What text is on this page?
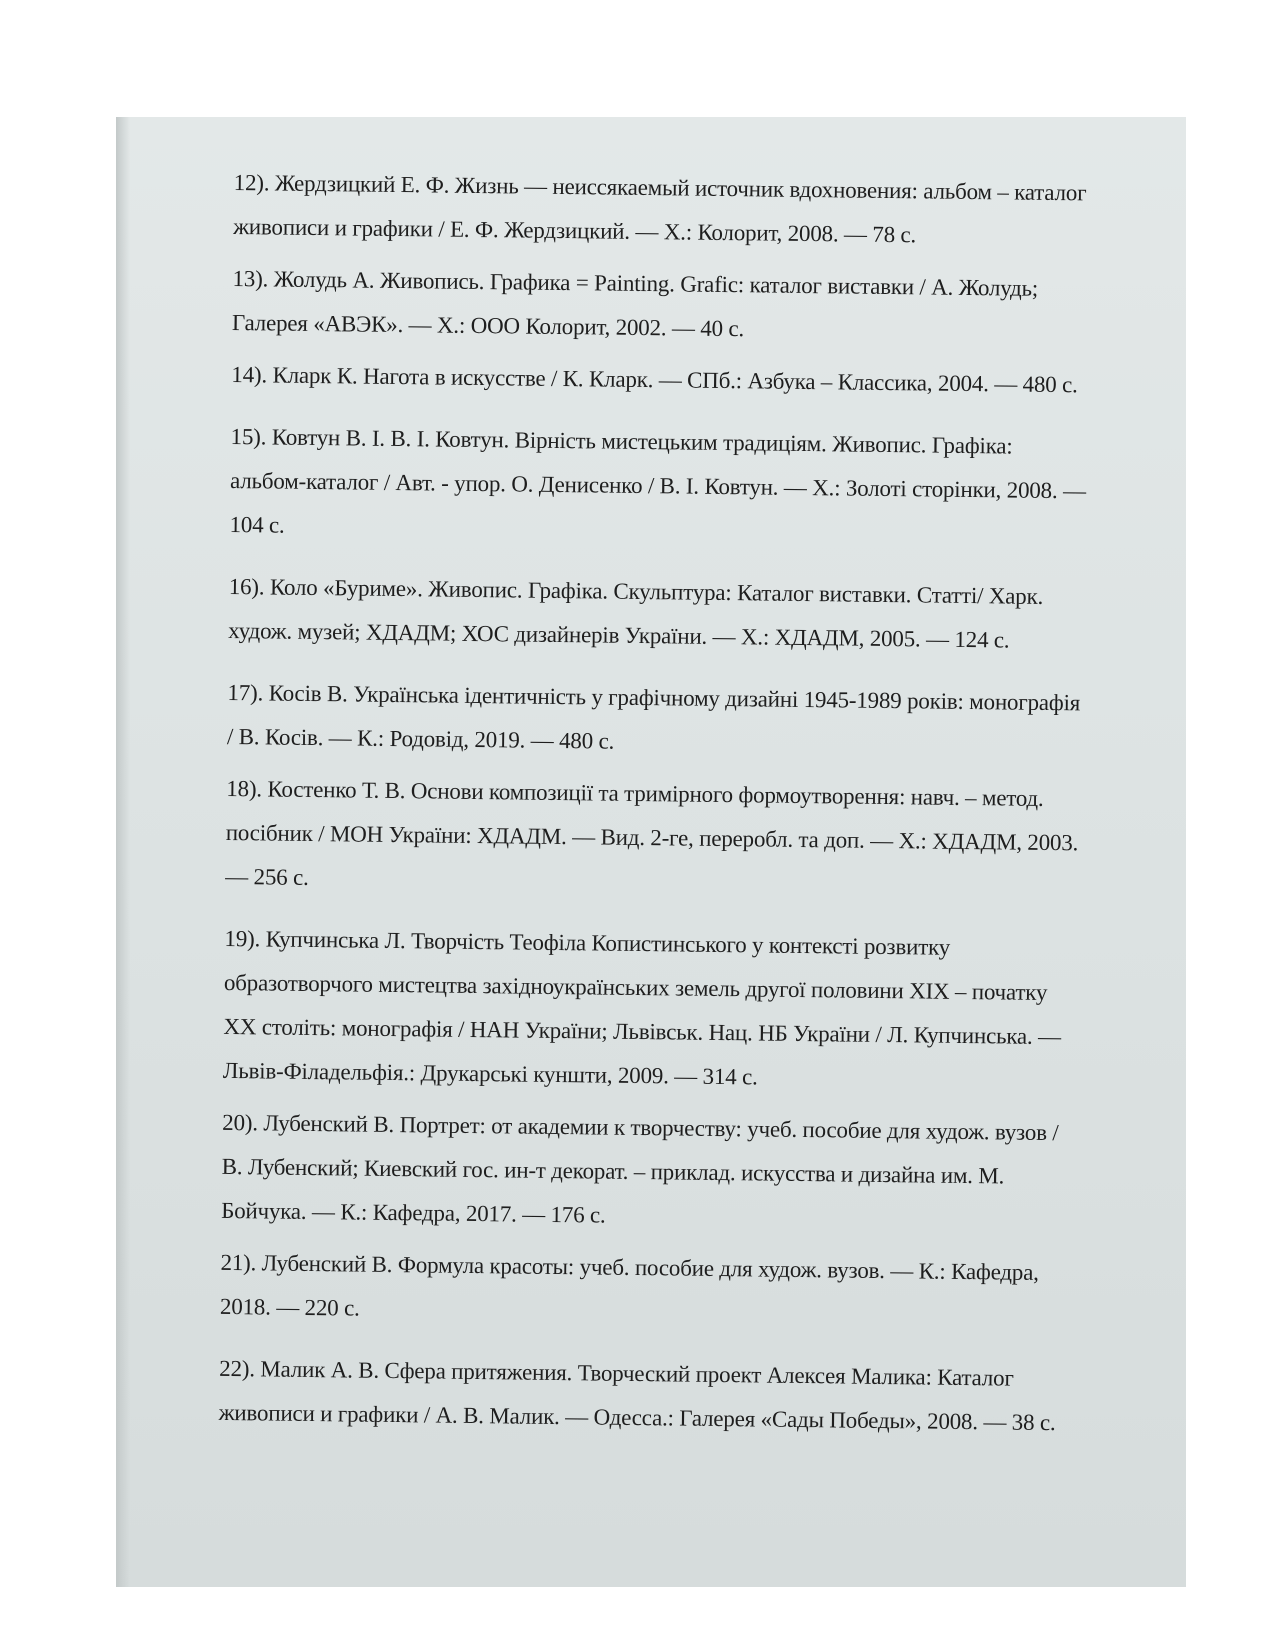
12). Жердзицкий Е. Ф. Жизнь — неиссякаемый источник вдохновения: альбом – каталог живописи и графики / Е. Ф. Жердзицкий. — Х.: Колорит, 2008. — 78 с.

13). Жолудь А. Живопись. Графика = Painting. Grafic: каталог виставки / А. Жолудь; Галерея «АВЭК». — Х.: ООО Колорит, 2002. — 40 с.

14). Кларк К. Нагота в искусстве / К. Кларк. — СПб.: Азбука – Классика, 2004. — 480 с.

15). Ковтун В. І. В. І. Ковтун. Вірність мистецьким традиціям. Живопис. Графіка: альбом-каталог / Авт. - упор. О. Денисенко / В. І. Ковтун. — Х.: Золоті сторінки, 2008. — 104 с.

16). Коло «Буриме». Живопис. Графіка. Скульптура: Каталог виставки. Статті/ Харк. худож. музей; ХДАДМ; ХОС дизайнерів України. — Х.: ХДАДМ, 2005. — 124 с.

17). Косів В. Українська ідентичність у графічному дизайні 1945-1989 років: монографія / В. Косів. — К.: Родовід, 2019. — 480 с.

18). Костенко Т. В. Основи композиції та тримірного формоутворення: навч. – метод. посібник / МОН України: ХДАДМ. — Вид. 2-ге, переробл. та доп. — Х.: ХДАДМ, 2003. — 256 с.

19). Купчинська Л. Творчість Теофіла Копистинського у контексті розвитку образотворчого мистецтва західноукраїнських земель другої половини ХІХ – початку ХХ століть: монографія / НАН України; Львівськ. Нац. НБ України / Л. Купчинська. — Львів-Філадельфія.: Друкарські куншти, 2009. — 314 с.

20). Лубенский В. Портрет: от академии к творчеству: учеб. пособие для худож. вузов / В. Лубенский; Киевский гос. ин-т декорат. – приклад. искусства и дизайна им. М. Бойчука. — К.: Кафедра, 2017. — 176 с.

21). Лубенский В. Формула красоты: учеб. пособие для худож. вузов. — К.: Кафедра, 2018. — 220 с.

22). Малик А. В. Сфера притяжения. Творческий проект Алексея Малика: Каталог живописи и графики / А. В. Малик. — Одесса.: Галерея «Сады Победы», 2008. — 38 с.
